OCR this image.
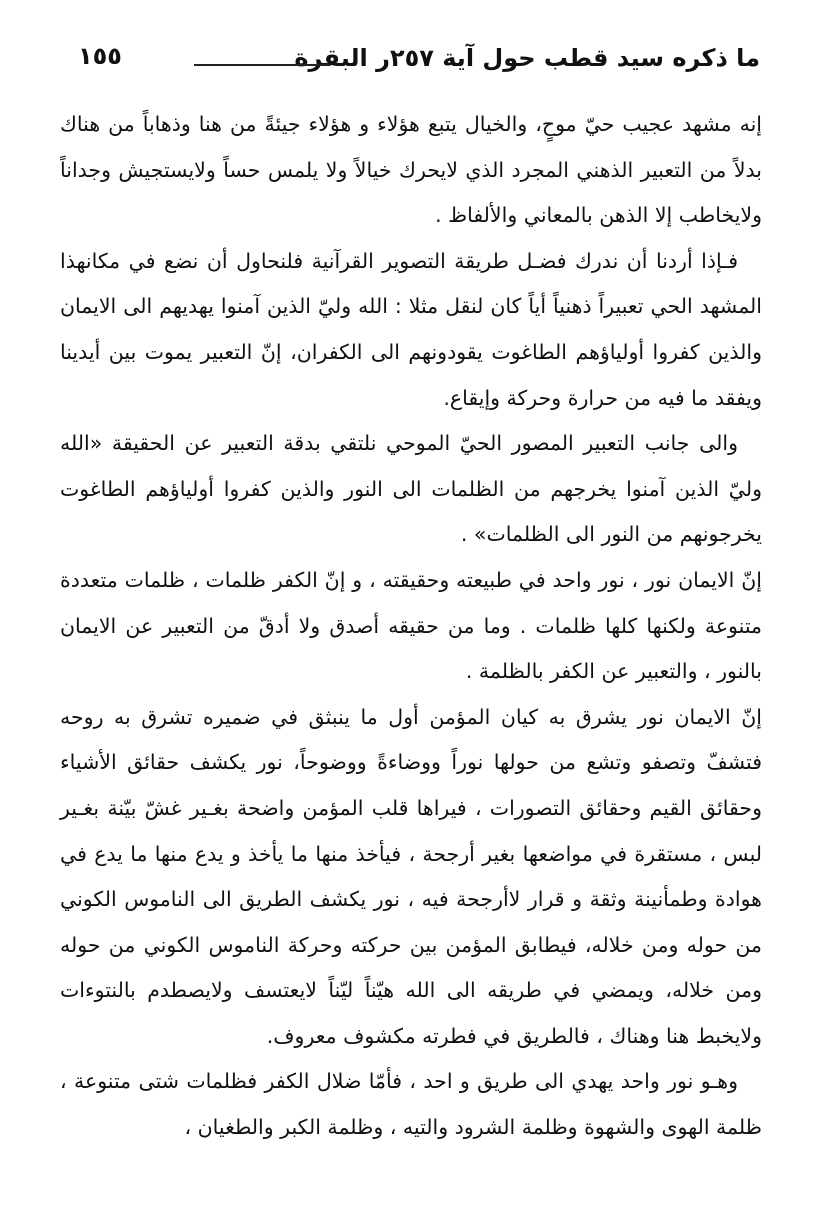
ما ذكره سيد قطب حول آية ٢٥٧ر البقرة
١٥٥

إنه مشهد عجيب حيّ موحٍ، والخيال يتبع هؤلاء و هؤلاء جيئةً من هنا وذهاباً من هناك بدلاً من التعبير الذهني المجرد الذي لايحرك خيالاً ولا يلمس حساً ولايستجيش وجداناً ولايخاطب إلا الذهن بالمعاني والألفاظ .

فـإذا أردنا أن ندرك فضـل طريقة التصوير القرآنية فلنحاول أن نضع في مكانهذا المشهد الحي تعبيراً ذهنياً أياً كان لنقل مثلا : الله وليّ الذين آمنوا يهديهم الى الايمان والذين كفروا أولياؤهم الطاغوت يقودونهم الى الكفران، إنّ التعبير يموت بين أيدينا ويفقد ما فيه من حرارة وحركة وإيقاع.

والى جانب التعبير المصور الحيّ الموحي نلتقي بدقة التعبير عن الحقيقة «الله وليّ الذين آمنوا يخرجهم من الظلمات الى النور والذين كفروا أولياؤهم الطاغوت يخرجونهم من النور الى الظلمات» .

إنّ الايمان نور ، نور واحد في طبيعته وحقيقته ، و إنّ الكفر ظلمات ، ظلمات متعددة متنوعة ولكنها كلها ظلمات . وما من حقيقه أصدق ولا أدقّ من التعبير عن الايمان بالنور ، والتعبير عن الكفر بالظلمة .

إنّ الايمان نور يشرق به كيان المؤمن أول ما ينبثق في ضميره تشرق به روحه فتشفّ وتصفو وتشع من حولها نوراً ووضاءةً ووضوحاً، نور يكشف حقائق الأشياء وحقائق القيم وحقائق التصورات ، فيراها قلب المؤمن واضحة بغـير غشّ بيّنة بغـير لبس ، مستقرة في مواضعها بغير أرجحة ، فيأخذ منها ما يأخذ و يدع منها ما يدع في هوادة وطمأنينة وثقة و قرار لاأرجحة فيه ، نور يكشف الطريق الى الناموس الكوني من حوله ومن خلاله، فيطابق المؤمن بين حركته وحركة الناموس الكوني من حوله ومن خلاله، ويمضي في طريقه الى الله هيّناً ليّناً لايعتسف ولايصطدم بالنتوءات ولايخبط هنا وهناك ، فالطريق في فطرته مكشوف معروف.

وهـو نور واحد يهدي الى طريق و احد ، فأمّا ضلال الكفر فظلمات شتى متنوعة ، ظلمة الهوى والشهوة وظلمة الشرود والتيه ، وظلمة الكبر والطغيان ،
